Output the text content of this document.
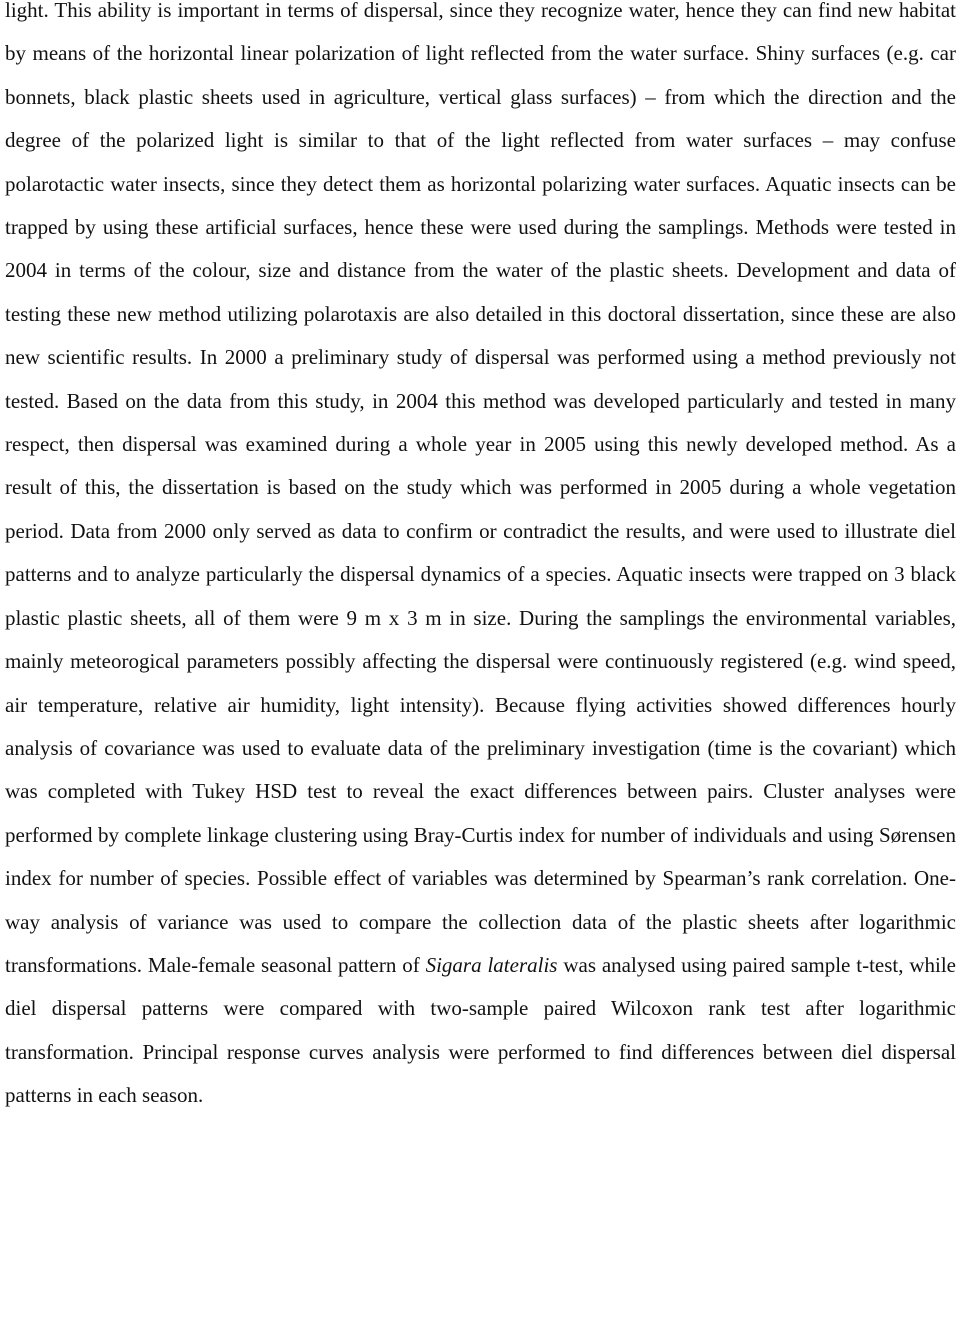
light. This ability is important in terms of dispersal, since they recognize water, hence they can find new habitat by means of the horizontal linear polarization of light reflected from the water surface. Shiny surfaces (e.g. car bonnets, black plastic sheets used in agriculture, vertical glass surfaces) – from which the direction and the degree of the polarized light is similar to that of the light reflected from water surfaces – may confuse polarotactic water insects, since they detect them as horizontal polarizing water surfaces. Aquatic insects can be trapped by using these artificial surfaces, hence these were used during the samplings. Methods were tested in 2004 in terms of the colour, size and distance from the water of the plastic sheets. Development and data of testing these new method utilizing polarotaxis are also detailed in this doctoral dissertation, since these are also new scientific results. In 2000 a preliminary study of dispersal was performed using a method previously not tested. Based on the data from this study, in 2004 this method was developed particularly and tested in many respect, then dispersal was examined during a whole year in 2005 using this newly developed method. As a result of this, the dissertation is based on the study which was performed in 2005 during a whole vegetation period. Data from 2000 only served as data to confirm or contradict the results, and were used to illustrate diel patterns and to analyze particularly the dispersal dynamics of a species. Aquatic insects were trapped on 3 black plastic plastic sheets, all of them were 9 m x 3 m in size. During the samplings the environmental variables, mainly meteorogical parameters possibly affecting the dispersal were continuously registered (e.g. wind speed, air temperature, relative air humidity, light intensity). Because flying activities showed differences hourly analysis of covariance was used to evaluate data of the preliminary investigation (time is the covariant) which was completed with Tukey HSD test to reveal the exact differences between pairs. Cluster analyses were performed by complete linkage clustering using Bray-Curtis index for number of individuals and using Sørensen index for number of species. Possible effect of variables was determined by Spearman’s rank correlation. One-way analysis of variance was used to compare the collection data of the plastic sheets after logarithmic transformations. Male-female seasonal pattern of Sigara lateralis was analysed using paired sample t-test, while diel dispersal patterns were compared with two-sample paired Wilcoxon rank test after logarithmic transformation. Principal response curves analysis were performed to find differences between diel dispersal patterns in each season.
